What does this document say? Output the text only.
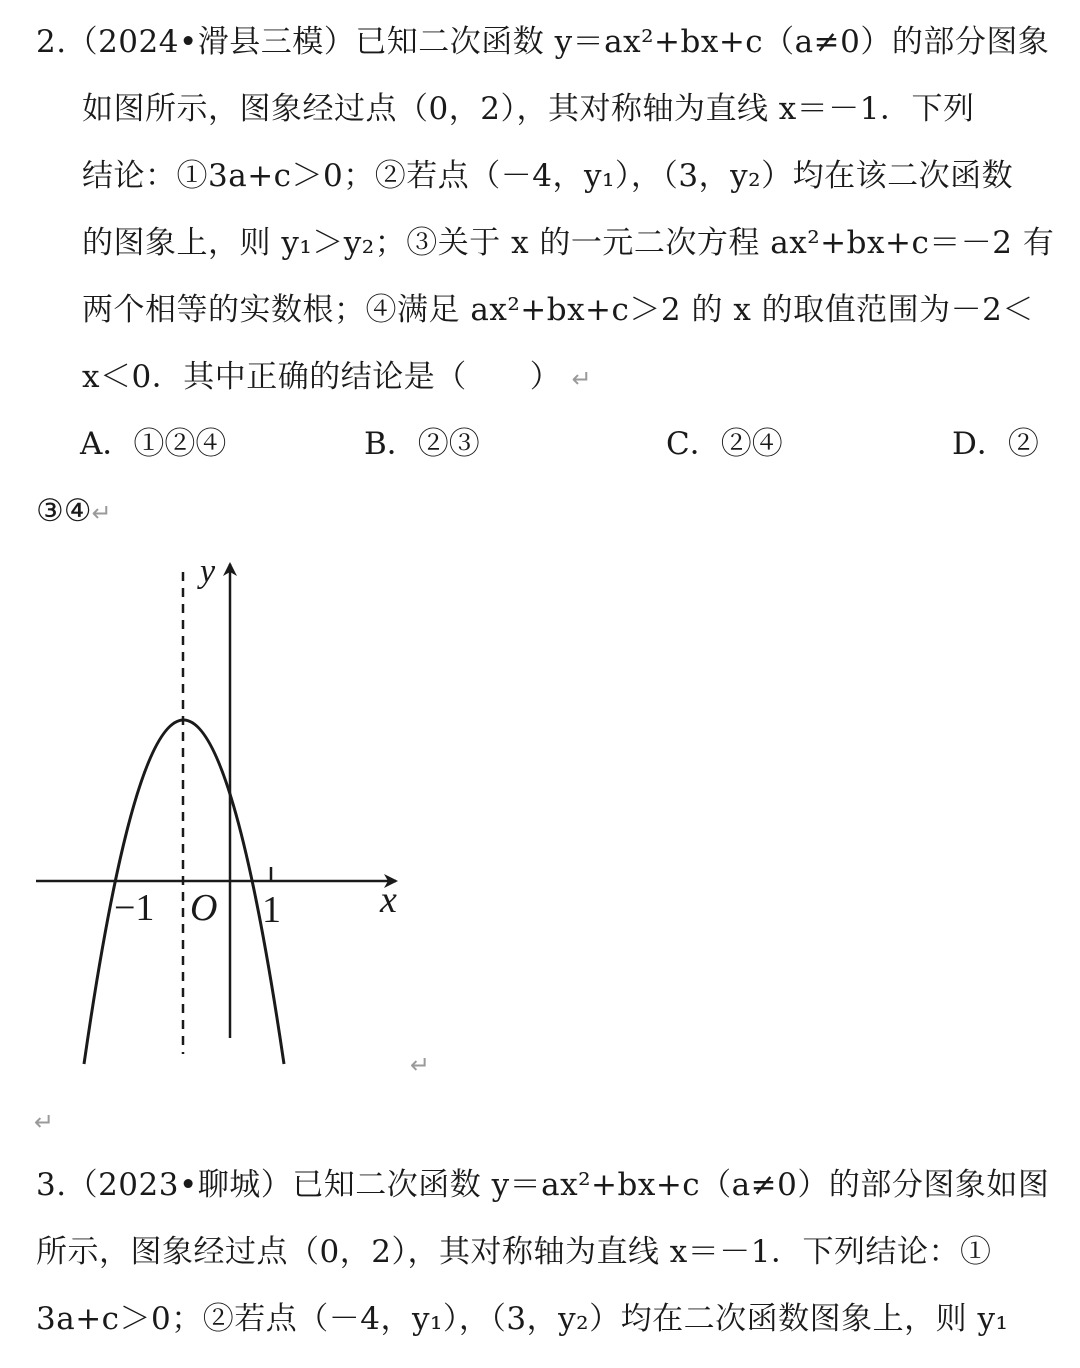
2.（2024•滑县三模）已知二次函数 y＝ax²+bx+c（a≠0）的部分图象
如图所示，图象经过点（0，2），其对称轴为直线 x＝－1．下列
结论：①3a+c＞0；②若点（－4，y₁），（3，y₂）均在该二次函数
的图象上，则 y₁＞y₂；③关于 x 的一元二次方程 ax²+bx+c＝－2 有
两个相等的实数根；④满足 ax²+bx+c＞2 的 x 的取值范围为－2＜
x＜0．其中正确的结论是（　　） ↵
A．①②④	B．②③	C．②④	D．②
③④↵
y
x
−1 O 1
↵
↵
3.（2023•聊城）已知二次函数 y＝ax²+bx+c（a≠0）的部分图象如图
所示，图象经过点（0，2），其对称轴为直线 x＝－1．下列结论：①
3a+c＞0；②若点（－4，y₁），（3，y₂）均在二次函数图象上，则 y₁
